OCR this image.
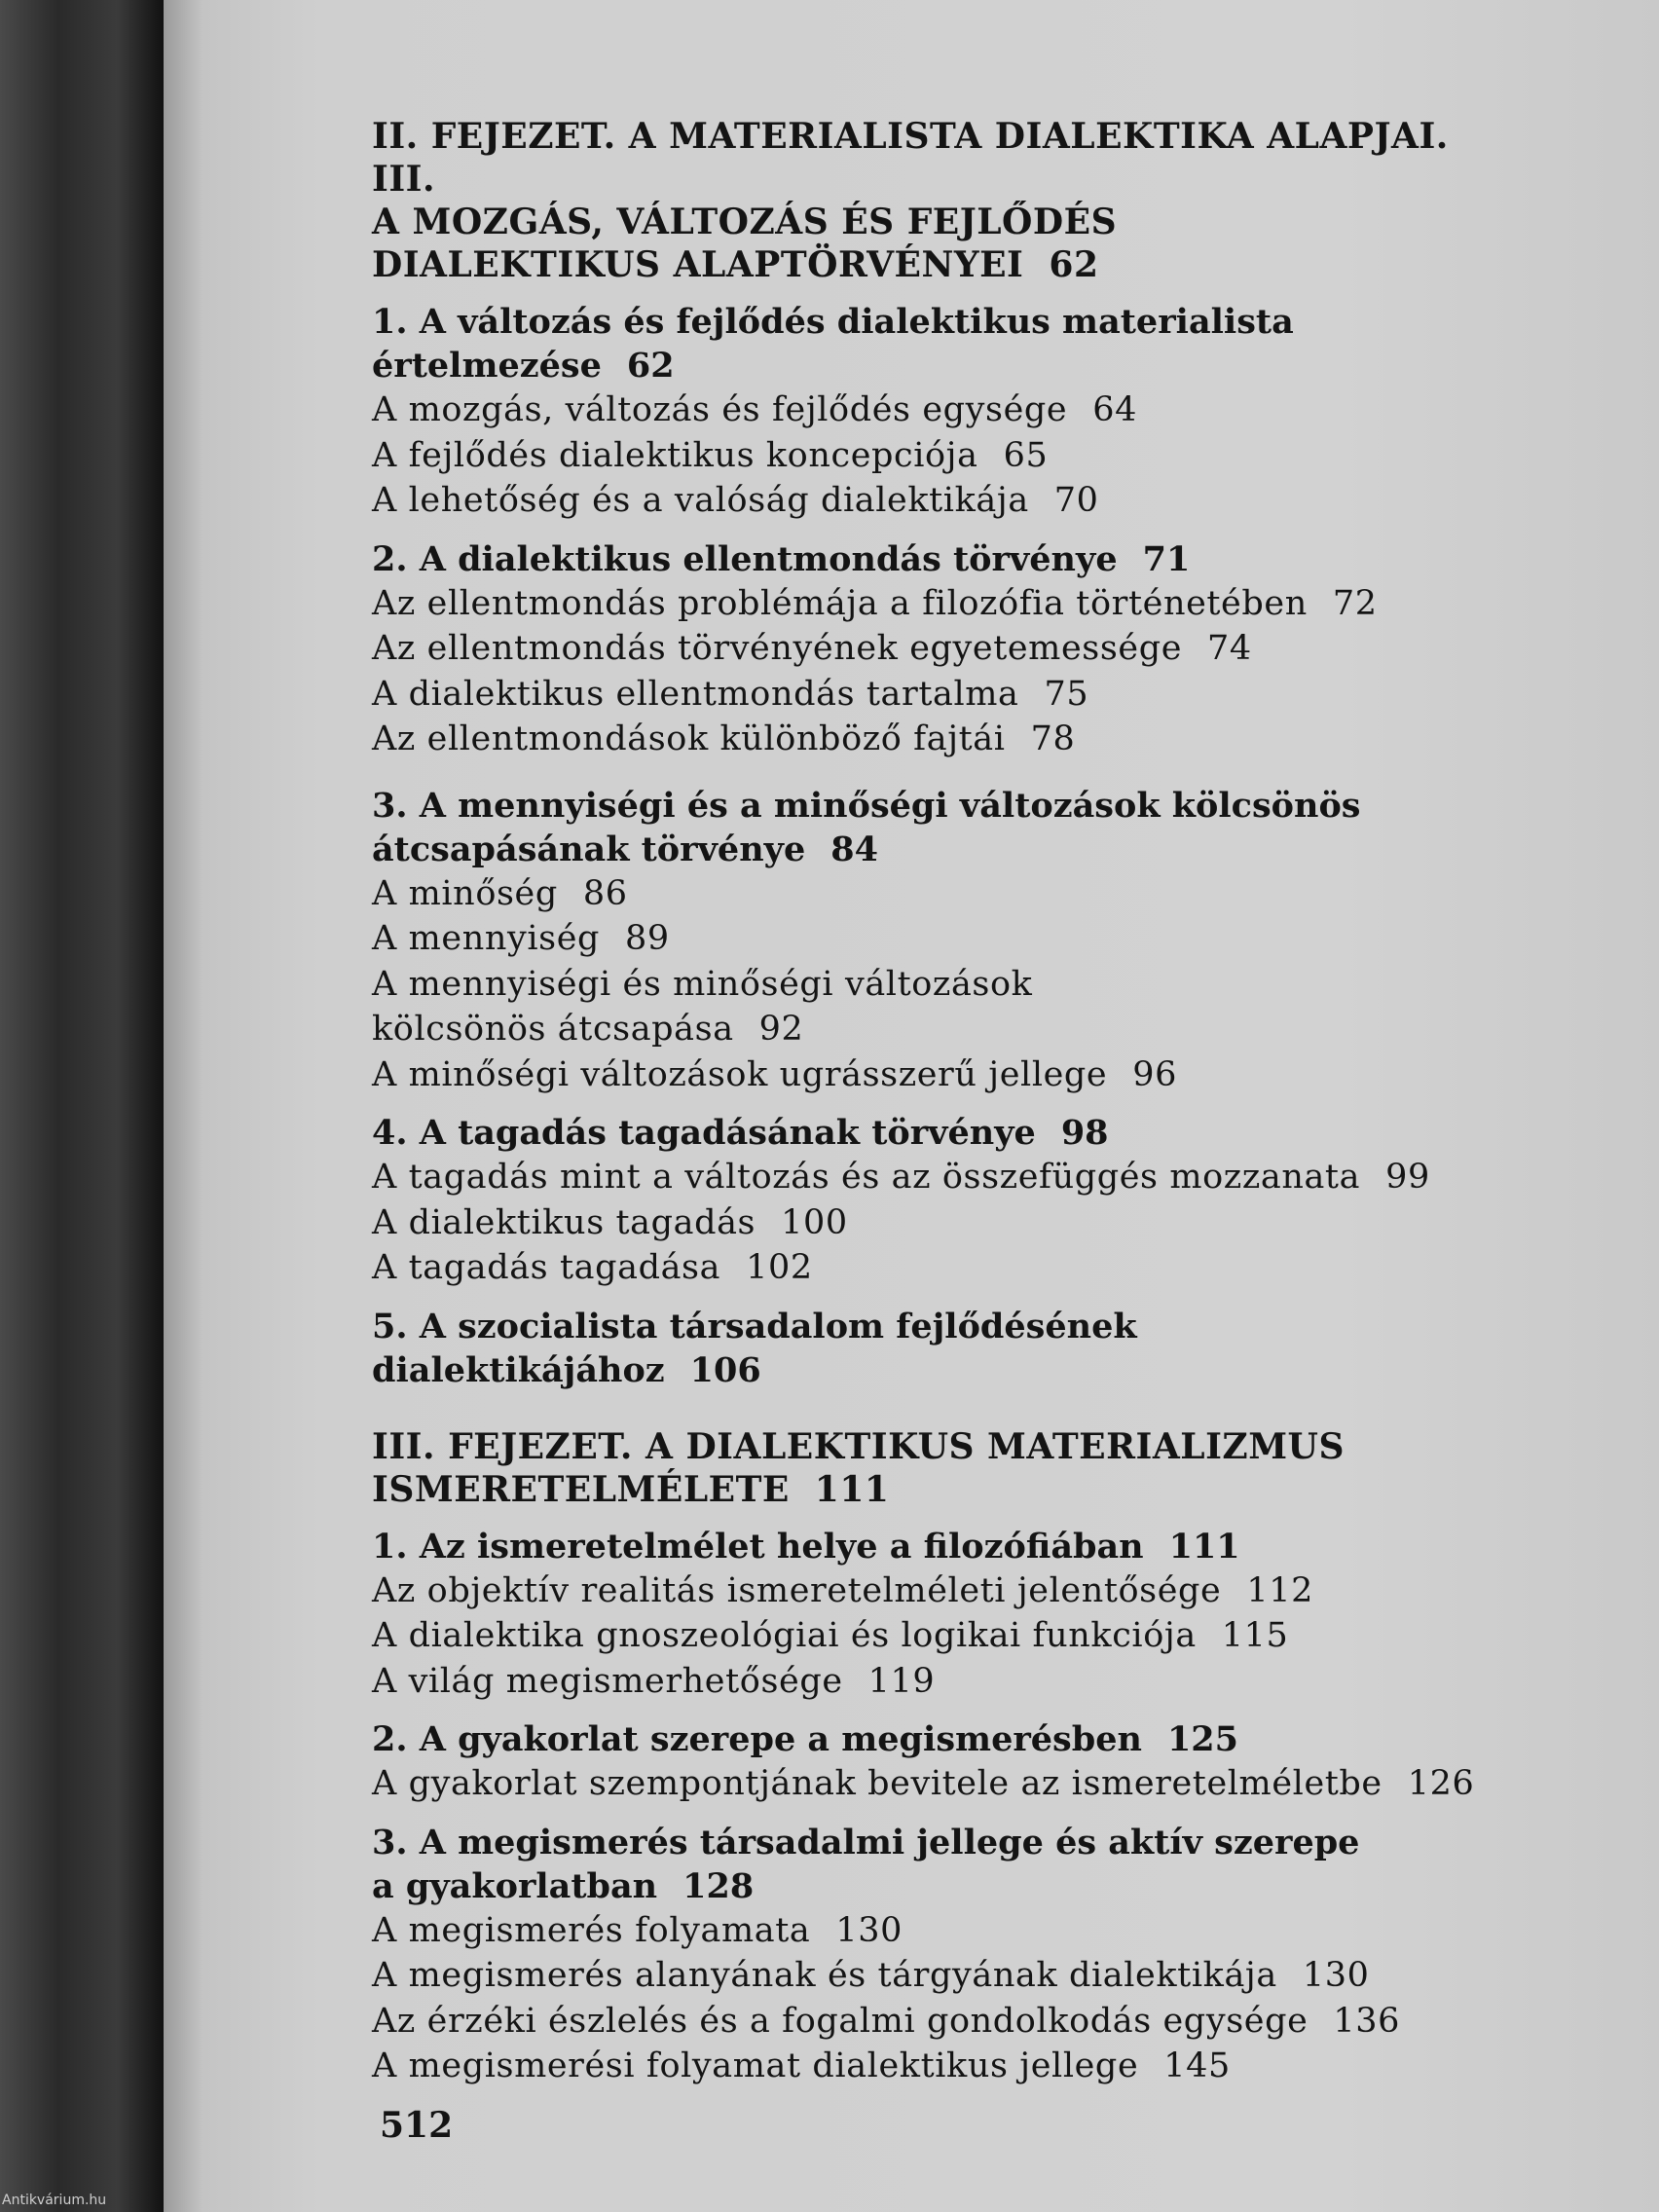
II. FEJEZET. A MATERIALISTA DIALEKTIKA ALAPJAI. III.
A MOZGÁS, VÁLTOZÁS ÉS FEJLŐDÉS
DIALEKTIKUS ALAPTÖRVÉNYEI 62
1. A változás és fejlődés dialektikus materialista értelmezése 62
A mozgás, változás és fejlődés egysége 64
A fejlődés dialektikus koncepciója 65
A lehetőség és a valóság dialektikája 70
2. A dialektikus ellentmondás törvénye 71
Az ellentmondás problémája a filozófia történetében 72
Az ellentmondás törvényének egyetemessége 74
A dialektikus ellentmondás tartalma 75
Az ellentmondások különböző fajtái 78
3. A mennyiségi és a minőségi változások kölcsönös
átcsapásának törvénye 84
A minőség 86
A mennyiség 89
A mennyiségi és minőségi változások
kölcsönös átcsapása 92
A minőségi változások ugrásszerű jellege 96
4. A tagadás tagadásának törvénye 98
A tagadás mint a változás és az összefüggés mozzanata 99
A dialektikus tagadás 100
A tagadás tagadása 102
5. A szocialista társadalom fejlődésének dialektikájához 106
III. FEJEZET. A DIALEKTIKUS MATERIALIZMUS
ISMERETELMÉLETE 111
1. Az ismeretelmélet helye a filozófiában 111
Az objektív realitás ismeretelméleti jelentősége 112
A dialektika gnoszeológiai és logikai funkciója 115
A világ megismerhetősége 119
2. A gyakorlat szerepe a megismerésben 125
A gyakorlat szempontjának bevitele az ismeretelméletbe 126
3. A megismerés társadalmi jellege és aktív szerepe
a gyakorlatban 128
A megismerés folyamata 130
A megismerés alanyának és tárgyának dialektikája 130
Az érzéki észlelés és a fogalmi gondolkodás egysége 136
A megismerési folyamat dialektikus jellege 145
512
Antikvárium.hu
